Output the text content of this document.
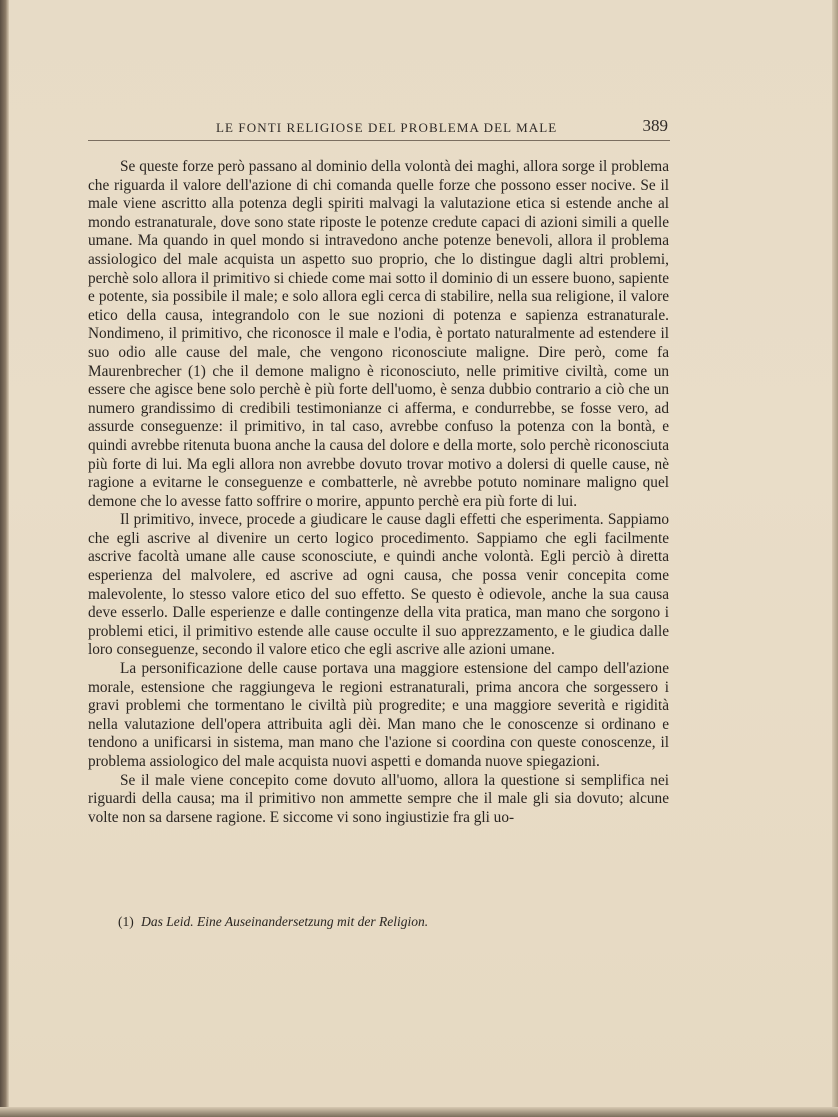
LE FONTI RELIGIOSE DEL PROBLEMA DEL MALE	389

Se queste forze però passano al dominio della volontà dei maghi, allora sorge il problema che riguarda il valore dell'azione di chi comanda quelle forze che possono esser nocive. Se il male viene ascritto alla potenza degli spiriti malvagi la valutazione etica si estende anche al mondo estranaturale, dove sono state riposte le potenze credute capaci di azioni simili a quelle umane. Ma quando in quel mondo si intravedono anche potenze benevoli, allora il problema assiologico del male acquista un aspetto suo proprio, che lo distingue dagli altri problemi, perchè solo allora il primitivo si chiede come mai sotto il dominio di un essere buono, sapiente e potente, sia possibile il male; e solo allora egli cerca di stabilire, nella sua religione, il valore etico della causa, integrandolo con le sue nozioni di potenza e sapienza estranaturale. Nondimeno, il primitivo, che riconosce il male e l'odia, è portato naturalmente ad estendere il suo odio alle cause del male, che vengono riconosciute maligne. Dire però, come fa Maurenbrecher (1) che il demone maligno è riconosciuto, nelle primitive civiltà, come un essere che agisce bene solo perchè è più forte dell'uomo, è senza dubbio contrario a ciò che un numero grandissimo di credibili testimonianze ci afferma, e condurrebbe, se fosse vero, ad assurde conseguenze: il primitivo, in tal caso, avrebbe confuso la potenza con la bontà, e quindi avrebbe ritenuta buona anche la causa del dolore e della morte, solo perchè riconosciuta più forte di lui. Ma egli allora non avrebbe dovuto trovar motivo a dolersi di quelle cause, nè ragione a evitarne le conseguenze e combatterle, nè avrebbe potuto nominare maligno quel demone che lo avesse fatto soffrire o morire, appunto perchè era più forte di lui.

Il primitivo, invece, procede a giudicare le cause dagli effetti che esperimenta. Sappiamo che egli ascrive al divenire un certo logico procedimento. Sappiamo che egli facilmente ascrive facoltà umane alle cause sconosciute, e quindi anche volontà. Egli perciò à diretta esperienza del malvolere, ed ascrive ad ogni causa, che possa venir concepita come malevolente, lo stesso valore etico del suo effetto. Se questo è odievole, anche la sua causa deve esserlo. Dalle esperienze e dalle contingenze della vita pratica, man mano che sorgono i problemi etici, il primitivo estende alle cause occulte il suo apprezzamento, e le giudica dalle loro conseguenze, secondo il valore etico che egli ascrive alle azioni umane.

La personificazione delle cause portava una maggiore estensione del campo dell'azione morale, estensione che raggiungeva le regioni estranaturali, prima ancora che sorgessero i gravi problemi che tormentano le civiltà più progredite; e una maggiore severità e rigidità nella valutazione dell'opera attribuita agli dèi. Man mano che le conoscenze si ordinano e tendono a unificarsi in sistema, man mano che l'azione si coordina con queste conoscenze, il problema assiologico del male acquista nuovi aspetti e domanda nuove spiegazioni.

Se il male viene concepito come dovuto all'uomo, allora la questione si semplifica nei riguardi della causa; ma il primitivo non ammette sempre che il male gli sia dovuto; alcune volte non sa darsene ragione. E siccome vi sono ingiustizie fra gli uo-

(1) Das Leid. Eine Auseinandersetzung mit der Religion.
